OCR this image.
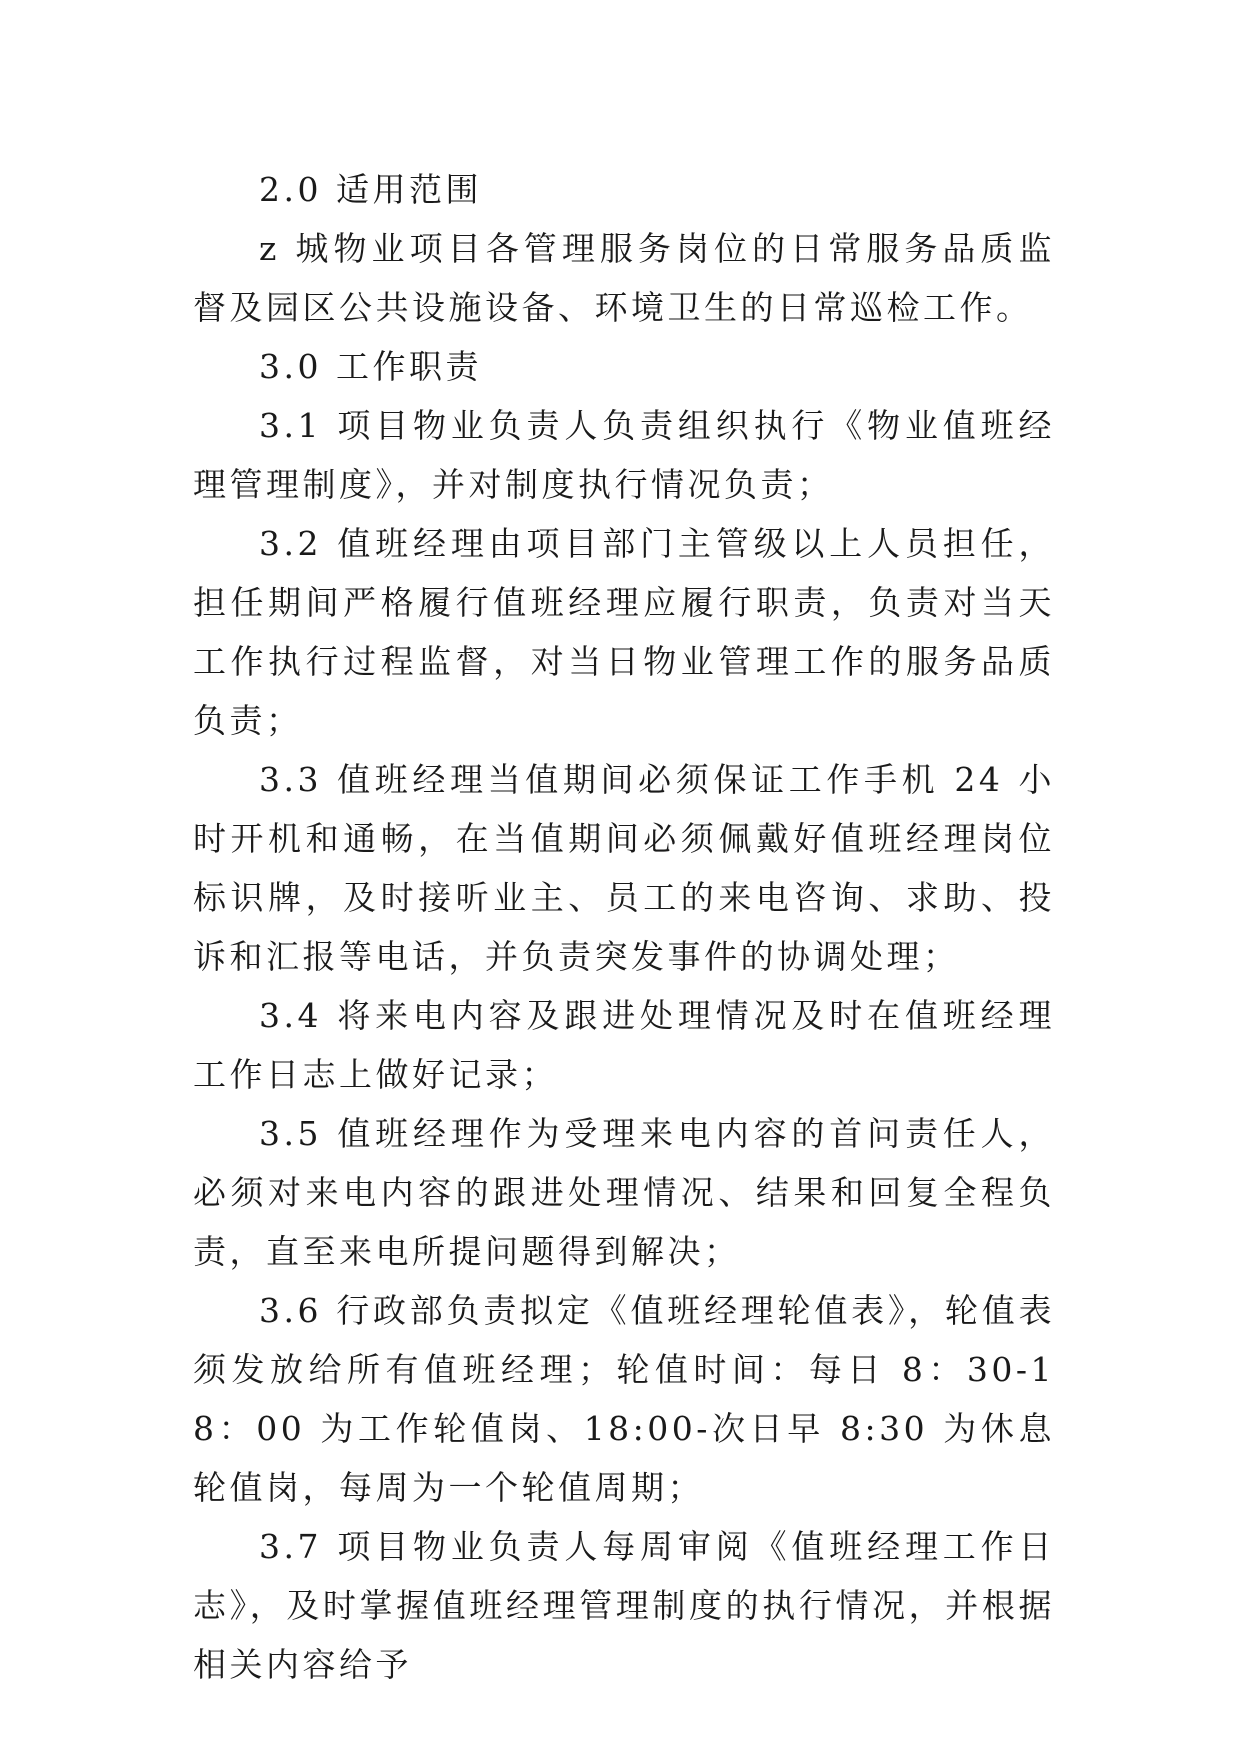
2.0 适用范围

z 城物业项目各管理服务岗位的日常服务品质监督及园区公共设施设备、环境卫生的日常巡检工作。

3.0 工作职责

3.1 项目物业负责人负责组织执行《物业值班经理管理制度》，并对制度执行情况负责；

3.2 值班经理由项目部门主管级以上人员担任，担任期间严格履行值班经理应履行职责，负责对当天工作执行过程监督，对当日物业管理工作的服务品质负责；

3.3 值班经理当值期间必须保证工作手机 24 小时开机和通畅，在当值期间必须佩戴好值班经理岗位标识牌，及时接听业主、员工的来电咨询、求助、投诉和汇报等电话，并负责突发事件的协调处理；

3.4 将来电内容及跟进处理情况及时在值班经理工作日志上做好记录；

3.5 值班经理作为受理来电内容的首问责任人，必须对来电内容的跟进处理情况、结果和回复全程负责，直至来电所提问题得到解决；

3.6 行政部负责拟定《值班经理轮值表》，轮值表须发放给所有值班经理；轮值时间：每日 8：30-18：00 为工作轮值岗、18:00-次日早 8:30 为休息轮值岗，每周为一个轮值周期；

3.7 项目物业负责人每周审阅《值班经理工作日志》，及时掌握值班经理管理制度的执行情况，并根据相关内容给予
